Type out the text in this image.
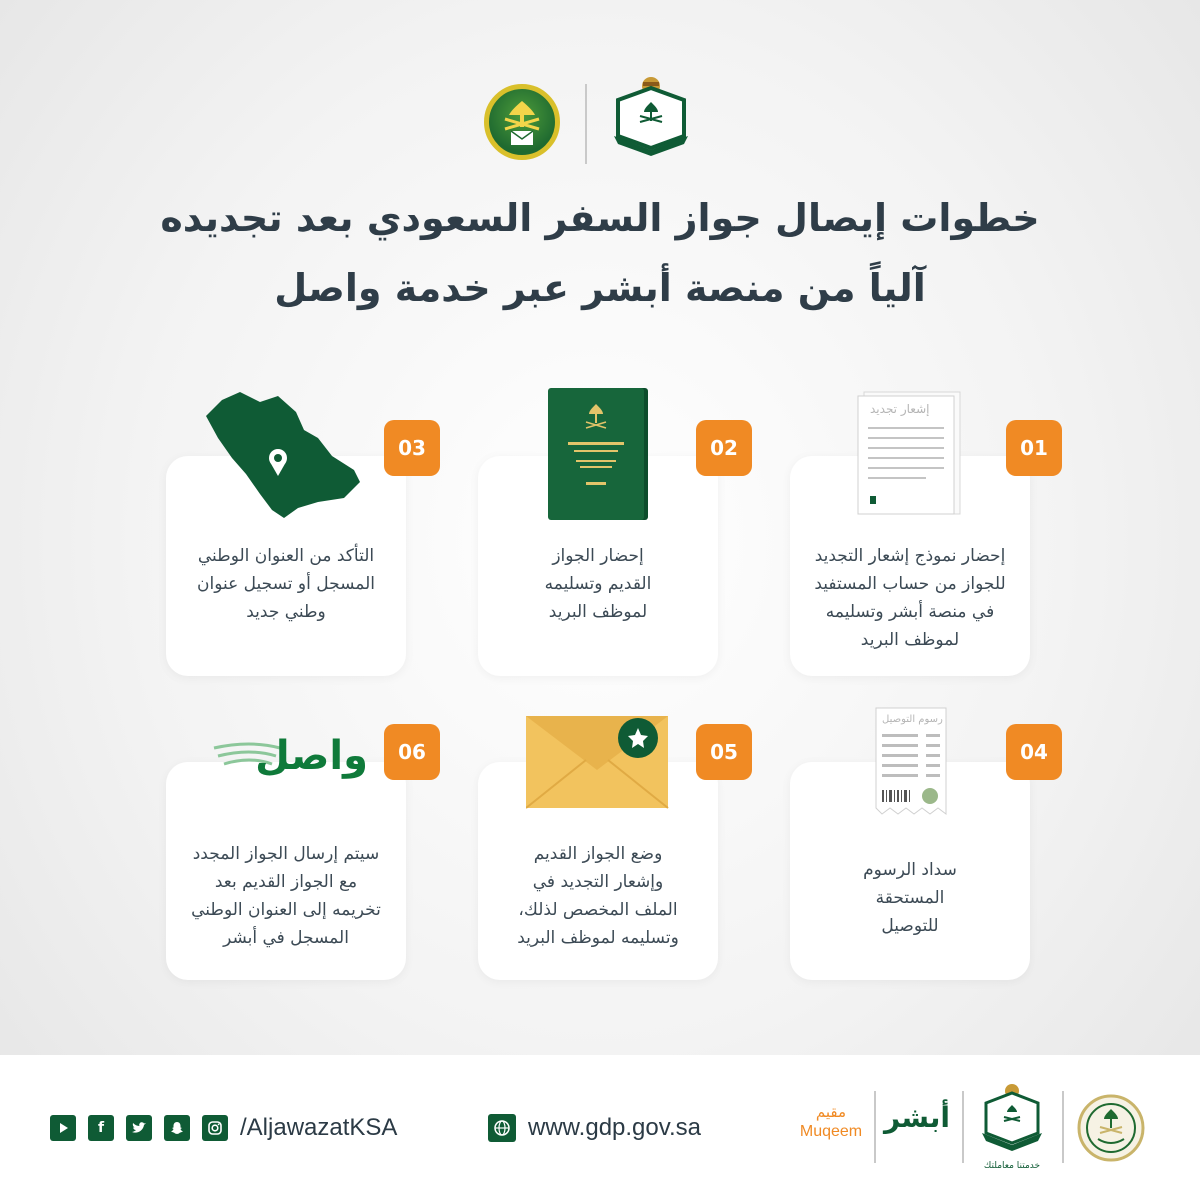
خطوات إيصال جواز السفر السعودي بعد تجديده
آلياً من منصة أبشر عبر خدمة واصل
إحضار نموذج إشعار التجديد
للجواز من حساب المستفيد
في منصة أبشر وتسليمه
لموظف البريد
إشعار تجديد
01
إحضار الجواز
القديم وتسليمه
لموظف البريد
02
التأكد من العنوان الوطني
المسجل أو تسجيل عنوان
وطني جديد
03
سداد الرسوم
المستحقة
للتوصيل
رسوم التوصيل
04
وضع الجواز القديم
وإشعار التجديد في
الملف المخصص لذلك،
وتسليمه لموظف البريد
05
سيتم إرسال الجواز المجدد
مع الجواز القديم بعد
تخريمه إلى العنوان الوطني
المسجل في أبشر
واصل	06
خدمتنا معاملتك
أبشر
مقيم
Muqeem
www.gdp.gov.sa
f	/AljawazatKSA
